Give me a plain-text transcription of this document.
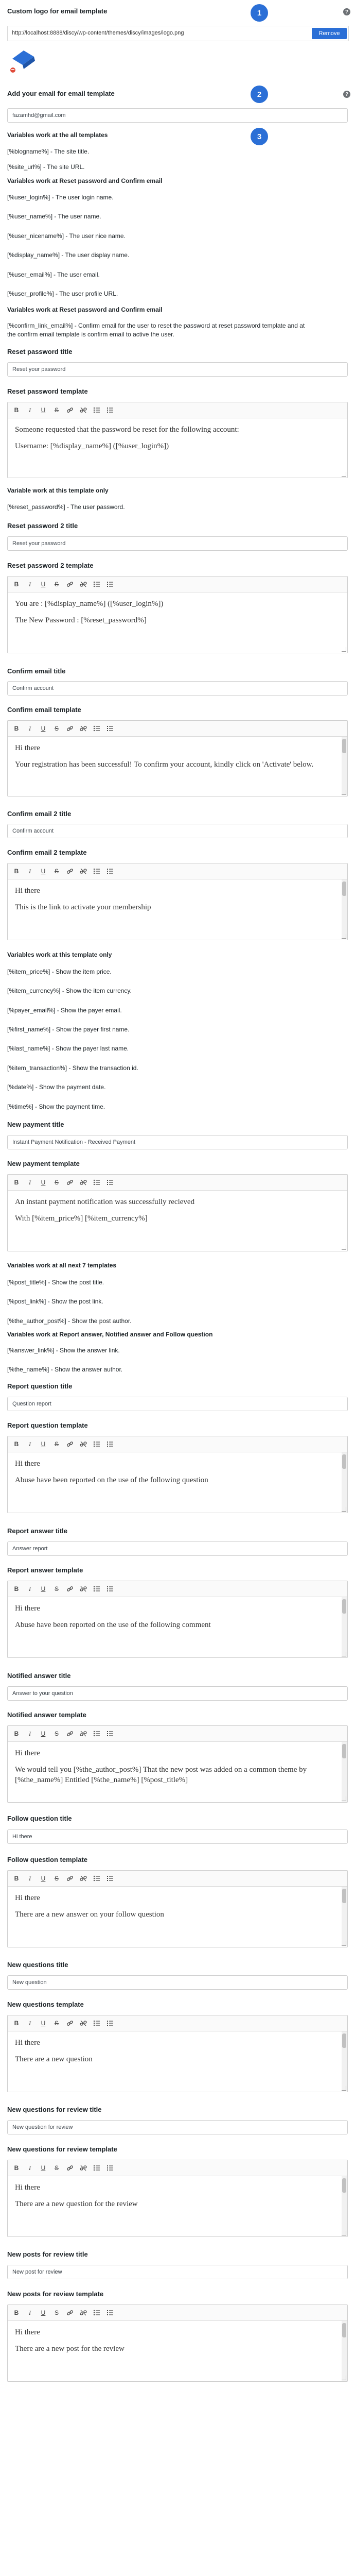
Custom logo for email template	1	?
http://localhost:8888/discy/wp-content/themes/discy/images/logo.png	Remove
Add your email for email template	2	?
fazamhd@gmail.com
3
Variables work at the all templates
[%blogname%] - The site title.
[%site_url%] - The site URL.
Variables work at Reset password and Confirm email
[%user_login%] - The user login name.
[%user_name%] - The user name.
[%user_nicename%] - The user nice name.
[%display_name%] - The user display name.
[%user_email%] - The user email.
[%user_profile%] - The user profile URL.
Variables work at Reset password and Confirm email
[%confirm_link_email%] - Confirm email for the user to reset the password at reset password template and at
the confirm email template is confirm email to active the user.
Reset password title
Reset your password
Reset password template
B	I	U	S

Someone requested that the password be reset for the following account:

Username: [%display_name%] ([%user_login%])

Variable work at this template only
[%reset_password%] - The user password.
Reset password 2 title
Reset your password
Reset password 2 template
B	I	U	S

You are : [%display_name%] ([%user_login%])

The New Password : [%reset_password%]

Confirm email title
Confirm account
Confirm email template
B	I	U	S

Hi there

Your registration has been successful! To confirm your account, kindly click on 'Activate' below.

Confirm email 2 title
Confirm account
Confirm email 2 template
B	I	U	S

Hi there

This is the link to activate your membership

Variables work at this template only
[%item_price%] - Show the item price.
[%item_currency%] - Show the item currency.
[%payer_email%] - Show the payer email.
[%first_name%] - Show the payer first name.
[%last_name%] - Show the payer last name.
[%item_transaction%] - Show the transaction id.
[%date%] - Show the payment date.
[%time%] - Show the payment time.
New payment title
Instant Payment Notification - Received Payment
New payment template
B	I	U	S

An instant payment notification was successfully recieved

With [%item_price%] [%item_currency%]

Variables work at all next 7 templates
[%post_title%] - Show the post title.
[%post_link%] - Show the post link.
[%the_author_post%] - Show the post author.
Variables work at Report answer, Notified answer and Follow question
[%answer_link%] - Show the answer link.
[%the_name%] - Show the answer author.
Report question title
Question report
Report question template
B	I	U	S

Hi there

Abuse have been reported on the use of the following question

Report answer title
Answer report
Report answer template
B	I	U	S

Hi there

Abuse have been reported on the use of the following comment

Notified answer title
Answer to your question
Notified answer template
B	I	U	S

Hi there

We would tell you [%the_author_post%] That the new post was added on a common theme by [%the_name%] Entitled [%the_name%] [%post_title%]

Follow question title
Hi there
Follow question template
B	I	U	S

Hi there

There are a new answer on your follow question

New questions title
New question
New questions template
B	I	U	S

Hi there

There are a new question

New questions for review title
New question for review
New questions for review template
B	I	U	S

Hi there

There are a new question for the review

New posts for review title
New post for review
New posts for review template
B	I	U	S

Hi there

There are a new post for the review
